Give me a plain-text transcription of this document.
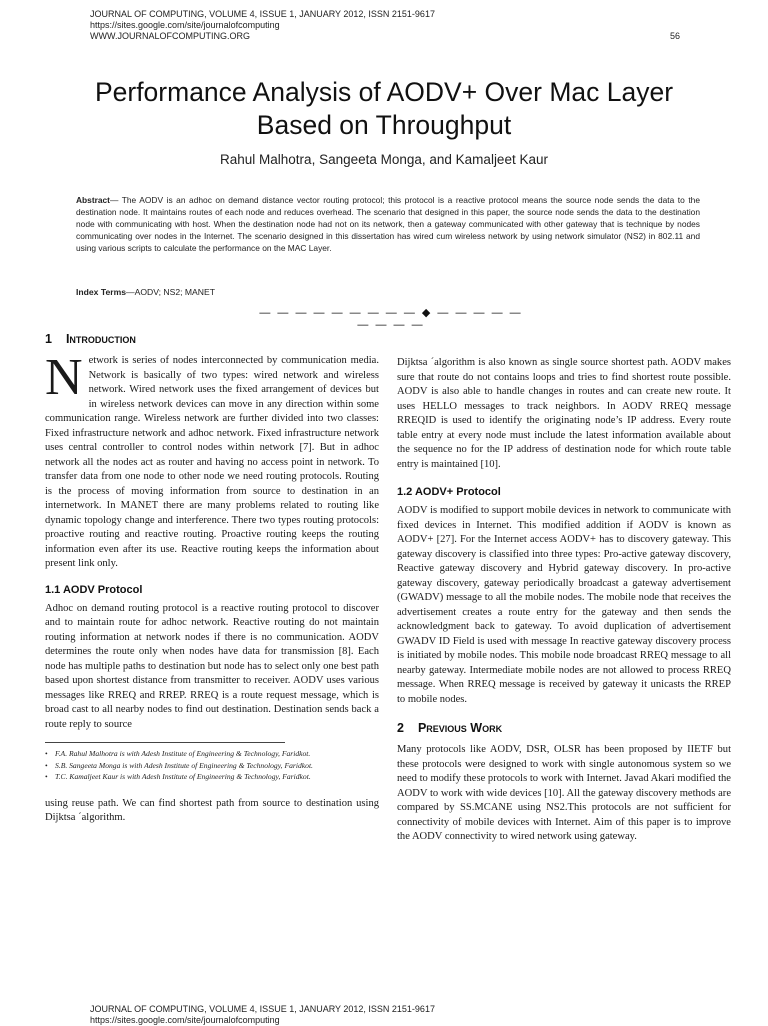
JOURNAL OF COMPUTING, VOLUME 4, ISSUE 1, JANUARY 2012, ISSN 2151-9617
https://sites.google.com/site/journalofcomputing
WWW.JOURNALOFCOMPUTING.ORG	56
Performance Analysis of AODV+ Over Mac Layer
Based on Throughput
Rahul Malhotra, Sangeeta Monga, and Kamaljeet Kaur
Abstract— The AODV is an adhoc on demand distance vector routing protocol; this protocol is a reactive protocol means the source node sends the data to the destination node. It maintains routes of each node and reduces overhead. The scenario that designed in this paper, the source node sends the data to the destination node with communicating with host. When the destination node had not on its network, then a gateway communicated with other gateway that is technique by nodes communicating over nodes in the Internet. The scenario designed in this dissertation has wired cum wireless network by using network simulator (NS2) in 802.11 and using various scripts to calculate the performance on the MAC Layer.
Index Terms—AODV; NS2; MANET
— — — — — — — — — ◆ — — — — — — — — —
1 Introduction

Network is series of nodes interconnected by communication media. Network is basically of two types: wired network and wireless network. Wired network uses the fixed arrangement of devices but in wireless network devices can move in any direction within some communication range. Wireless network are further divided into two classes: Fixed infrastructure network and adhoc network. Fixed infrastructure network uses central controller to control nodes within network [7]. But in adhoc network all the nodes act as router and having no access point in network. To transfer data from one node to other node we need routing protocols. Routing is the process of moving information from source to destination in an internetwork. In MANET there are many problems related to routing like dynamic topology change and interference. There two types routing protocols: proactive routing and reactive routing. Proactive routing keeps the routing information even after its use. Reactive routing keeps the information about present link only.

1.1 AODV Protocol

Adhoc on demand routing protocol is a reactive routing protocol to discover and to maintain route for adhoc network. Reactive routing do not maintain routing information at network nodes if there is no communication. AODV determines the route only when nodes have data for transmission [8]. Each node has multiple paths to destination but node has to select only one best path based upon shortest distance from transmitter to receiver. AODV uses various messages like RREQ and RREP. RREQ is a route request message, which is broad cast to all nearby nodes to find out destination. Destination sends back a route reply to source

• F.A. Rahul Malhotra is with Adesh Institute of Engineering & Technology, Faridkot.
• S.B. Sangeeta Monga is with Adesh Institute of Engineering & Technology, Faridkot.
• T.C. Kamaljeet Kaur is with Adesh Institute of Engineering & Technology, Faridkot.

using reuse path. We can find shortest path from source to destination using Dijktsa ´algorithm.

Dijktsa ´algorithm is also known as single source shortest path. AODV makes sure that route do not contains loops and tries to find shortest route possible. AODV is also able to handle changes in routes and can create new route. It uses HELLO messages to track neighbors. In AODV RREQ message RREQID is used to identify the originating node’s IP address. Every route table entry at every node must include the latest information available about the sequence no for the IP address of destination node for which route table entry is maintained [10].

1.2 AODV+ Protocol

AODV is modified to support mobile devices in network to communicate with fixed devices in Internet. This modified addition if AODV is known as AODV+ [27]. For the Internet access AODV+ has to discovery gateway. This gateway discovery is classified into three types: Pro-active gateway discovery, Reactive gateway discovery and Hybrid gateway discovery. In pro-active gateway discovery, gateway periodically broadcast a gateway advertisement (GWADV) message to all the mobile nodes. The mobile node that receives the advertisement creates a route entry for the gateway and then sends the acknowledgment back to gateway. To avoid duplication of advertisement GWADV ID Field is used with message In reactive gateway discovery process is initiated by mobile nodes. This mobile node broadcast RREQ message to all nearby gateway. Intermediate mobile nodes are not allowed to process RREQ message. When RREQ message is received by gateway it unicasts the RREP to mobile nodes.

2 Previous Work

Many protocols like AODV, DSR, OLSR has been proposed by IIETF but these protocols were designed to work with single autonomous system so we need to modify these protocols to work with Internet. Javad Akari modified the AODV to work with wide devices [10]. All the gateway discovery methods are compared by SS.MCANE using NS2.This protocols are not sufficient for connectivity of mobile devices with Internet. Aim of this paper is to improve the AODV connectivity to wired network using gateway.

JOURNAL OF COMPUTING, VOLUME 4, ISSUE 1, JANUARY 2012, ISSN 2151-9617
https://sites.google.com/site/journalofcomputing
